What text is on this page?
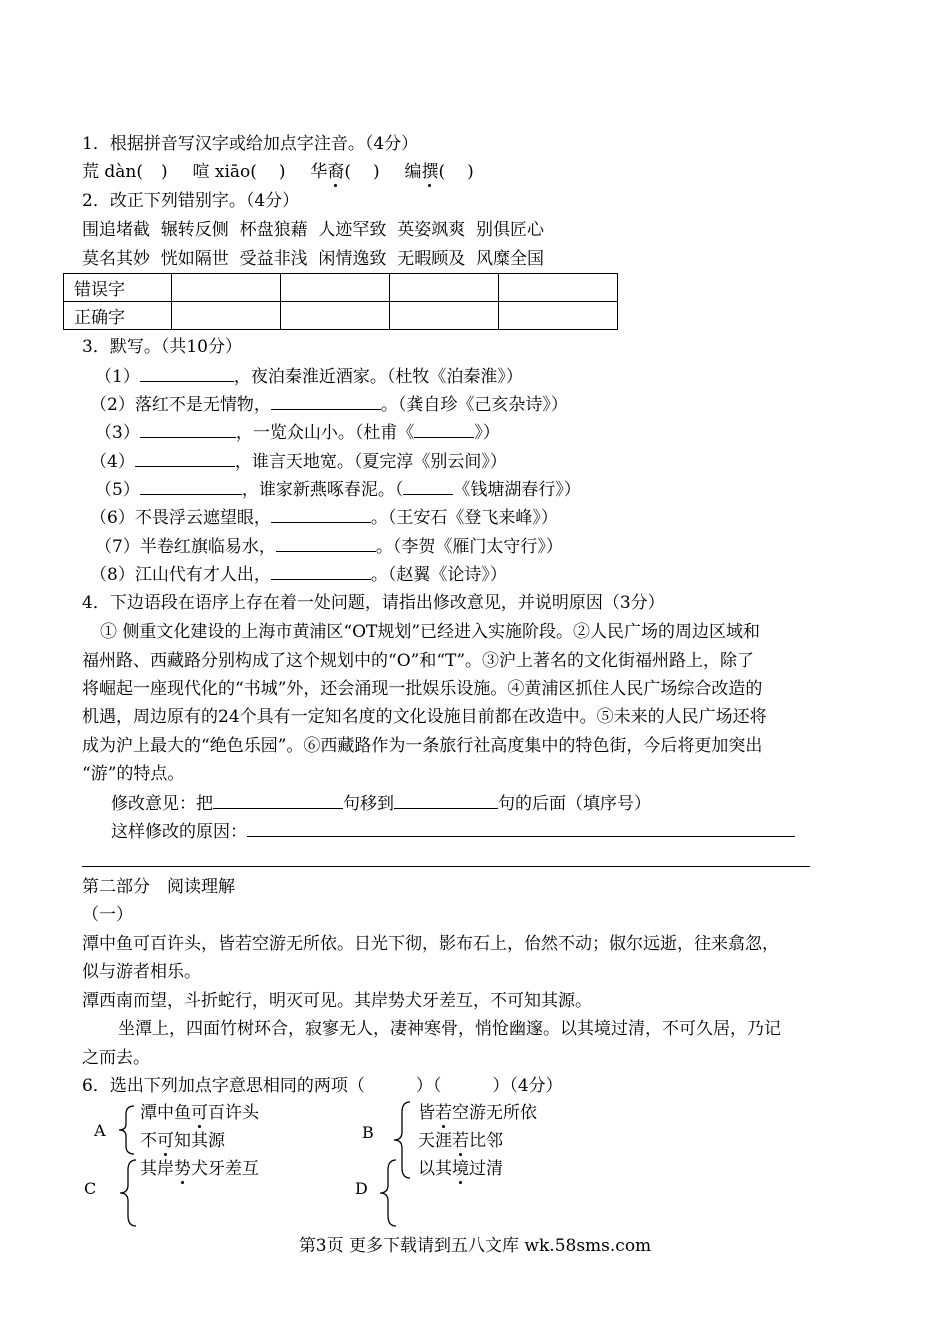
1．根据拼音写汉字或给加点字注音。（4分）
荒 dàn( ) 喧 xiāo( ) 华裔( ) 编撰( )
2．改正下列错别字。（4分）
围追堵截  辗转反侧  杯盘狼藉  人迹罕致  英姿飒爽  别俱匠心
莫名其妙  恍如隔世  受益非浅  闲情逸致  无暇顾及  风糜全国
错误字				
正确字				
3．默写。（共10分）
（1）	，夜泊秦淮近酒家。（杜牧《泊秦淮》）
（2）落红不是无情物，	。（龚自珍《己亥杂诗》）
（3）	，一览众山小。（杜甫《	》）
（4）	，谁言天地宽。（夏完淳《别云间》）
（5）	，谁家新燕啄春泥。（	《钱塘湖春行》）
（6）不畏浮云遮望眼，	。（王安石《登飞来峰》）
（7）半卷红旗临易水，	。（李贺《雁门太守行》）
（8）江山代有才人出，	。（赵翼《论诗》）
4．下边语段在语序上存在着一处问题，请指出修改意见，并说明原因（3分）
① 侧重文化建设的上海市黄浦区“OT规划”已经进入实施阶段。②人民广场的周边区域和
福州路、西藏路分别构成了这个规划中的“O”和“T”。③沪上著名的文化街福州路上，除了
将崛起一座现代化的“书城”外，还会涌现一批娱乐设施。④黄浦区抓住人民广场综合改造的
机遇，周边原有的24个具有一定知名度的文化设施目前都在改造中。⑤未来的人民广场还将
成为沪上最大的“绝色乐园”。⑥西藏路作为一条旅行社高度集中的特色街，今后将更加突出
“游”的特点。
修改意见：把	句移到	句的后面（填序号）
这样修改的原因：
第二部分　阅读理解
（一）
潭中鱼可百许头，皆若空游无所依。日光下彻，影布石上，佁然不动；俶尔远逝，往来翕忽，
似与游者相乐。
潭西南而望，斗折蛇行，明灭可见。其岸势犬牙差互，不可知其源。
坐潭上，四面竹树环合，寂寥无人，凄神寒骨，悄怆幽邃。以其境过清，不可久居，乃记
之而去。
6．选出下列加点字意思相同的两项（　　　）（　　　）（4分）
A
潭中鱼可百许头
不可知其源	B
皆若空游无所依
天涯若比邻
以其境过清
C
其岸势犬牙差互
D
第3页 更多下载请到五八文库 wk.58sms.com
